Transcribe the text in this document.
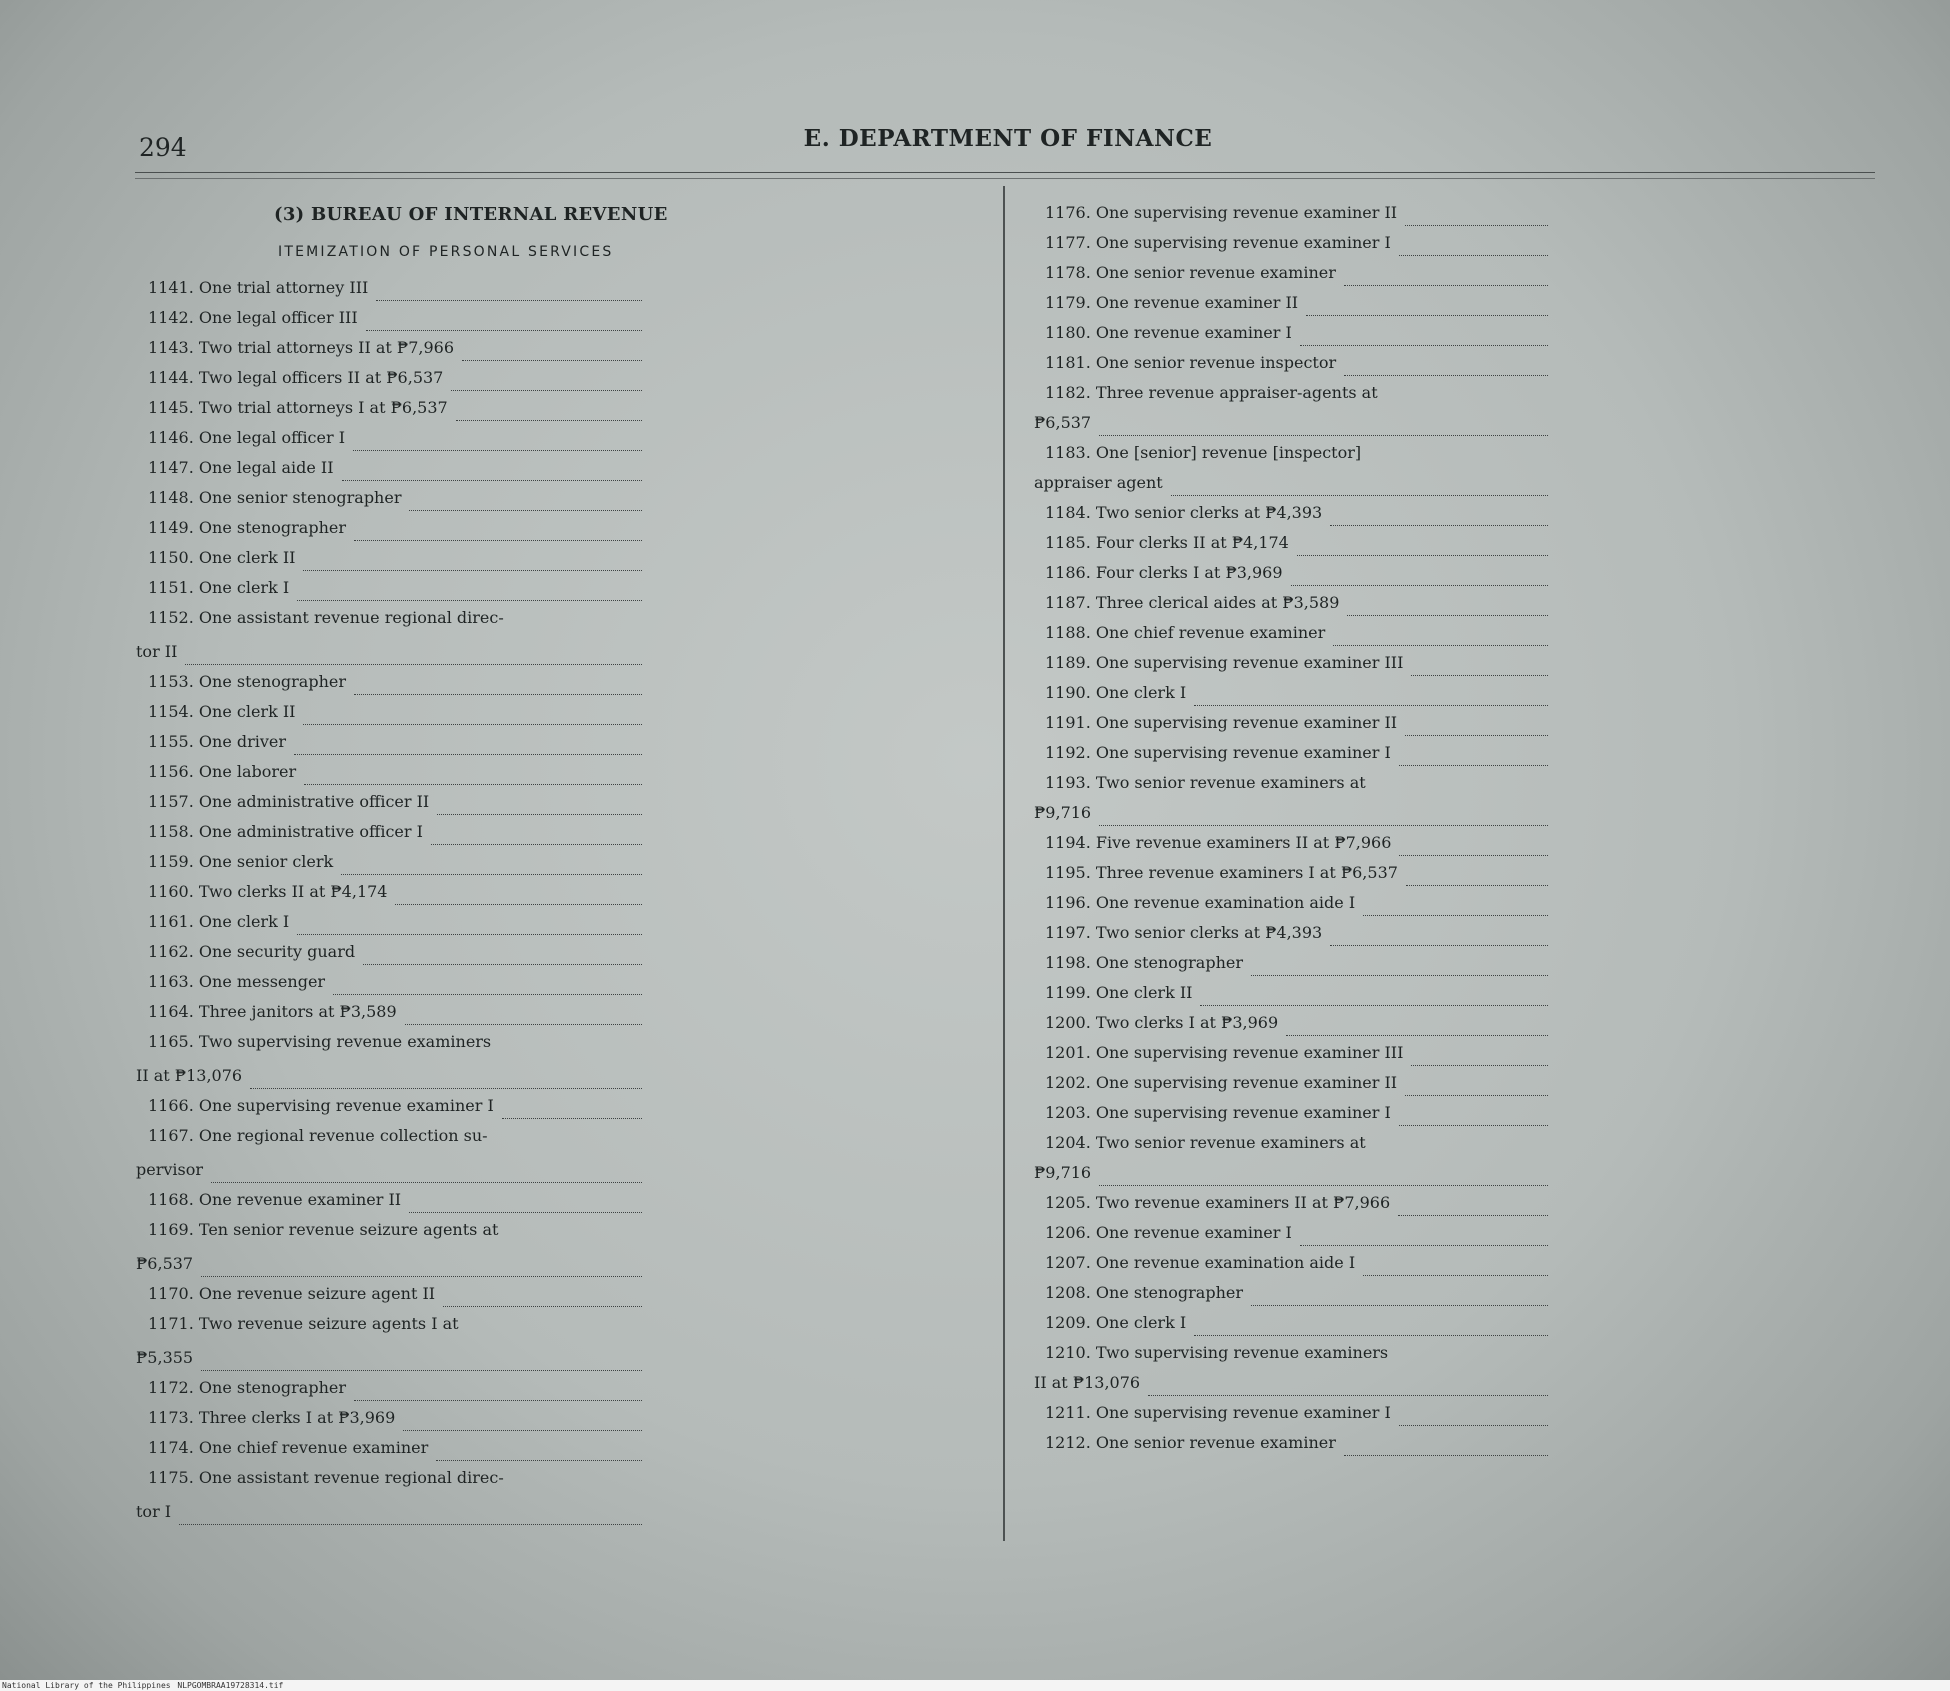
294	E. DEPARTMENT OF FINANCE
(3) BUREAU OF INTERNAL REVENUE
ITEMIZATION OF PERSONAL SERVICES
1141. One trial attorney III
1142. One legal officer III
1143. Two trial attorneys II at ₱7,966
1144. Two legal officers II at ₱6,537
1145. Two trial attorneys I at ₱6,537
1146. One legal officer I
1147. One legal aide II
1148. One senior stenographer
1149. One stenographer
1150. One clerk II
1151. One clerk I
1152. One assistant revenue regional direc-
tor II
1153. One stenographer
1154. One clerk II
1155. One driver
1156. One laborer
1157. One administrative officer II
1158. One administrative officer I
1159. One senior clerk
1160. Two clerks II at ₱4,174
1161. One clerk I
1162. One security guard
1163. One messenger
1164. Three janitors at ₱3,589
1165. Two supervising revenue examiners
II at ₱13,076
1166. One supervising revenue examiner I
1167. One regional revenue collection su-
pervisor
1168. One revenue examiner II
1169. Ten senior revenue seizure agents at
₱6,537
1170. One revenue seizure agent II
1171. Two revenue seizure agents I at
₱5,355
1172. One stenographer
1173. Three clerks I at ₱3,969
1174. One chief revenue examiner
1175. One assistant revenue regional direc-
tor I
1176. One supervising revenue examiner II
1177. One supervising revenue examiner I
1178. One senior revenue examiner
1179. One revenue examiner II
1180. One revenue examiner I
1181. One senior revenue inspector
1182. Three revenue appraiser-agents at
₱6,537
1183. One [senior] revenue [inspector]
appraiser agent
1184. Two senior clerks at ₱4,393
1185. Four clerks II at ₱4,174
1186. Four clerks I at ₱3,969
1187. Three clerical aides at ₱3,589
1188. One chief revenue examiner
1189. One supervising revenue examiner III
1190. One clerk I
1191. One supervising revenue examiner II
1192. One supervising revenue examiner I
1193. Two senior revenue examiners at
₱9,716
1194. Five revenue examiners II at ₱7,966
1195. Three revenue examiners I at ₱6,537
1196. One revenue examination aide I
1197. Two senior clerks at ₱4,393
1198. One stenographer
1199. One clerk II
1200. Two clerks I at ₱3,969
1201. One supervising revenue examiner III
1202. One supervising revenue examiner II
1203. One supervising revenue examiner I
1204. Two senior revenue examiners at
₱9,716
1205. Two revenue examiners II at ₱7,966
1206. One revenue examiner I
1207. One revenue examination aide I
1208. One stenographer
1209. One clerk I
1210. Two supervising revenue examiners
II at ₱13,076
1211. One supervising revenue examiner I
1212. One senior revenue examiner
National Library of the Philippines NLPGOMBRAA19728314.tif
